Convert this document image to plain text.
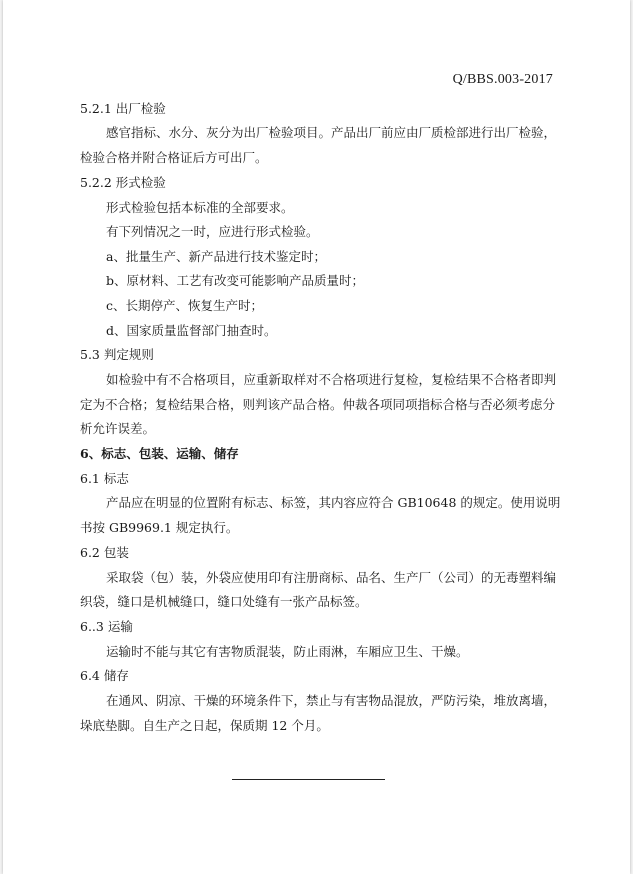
Q/BBS.003-2017
5.2.1 出厂检验
感官指标、水分、灰分为出厂检验项目。产品出厂前应由厂质检部进行出厂检验，
检验合格并附合格证后方可出厂。
5.2.2 形式检验
形式检验包括本标准的全部要求。
有下列情况之一时，应进行形式检验。
a、批量生产、新产品进行技术鉴定时；
b、原材料、工艺有改变可能影响产品质量时；
c、长期停产、恢复生产时；
d、国家质量监督部门抽查时。
5.3 判定规则
如检验中有不合格项目，应重新取样对不合格项进行复检，复检结果不合格者即判
定为不合格；复检结果合格，则判该产品合格。仲裁各项同项指标合格与否必须考虑分
析允许误差。
6、标志、包装、运输、储存
6.1 标志
产品应在明显的位置附有标志、标签，其内容应符合 GB10648 的规定。使用说明
书按 GB9969.1 规定执行。
6.2 包装
采取袋（包）装，外袋应使用印有注册商标、品名、生产厂（公司）的无毒塑料编
织袋，缝口是机械缝口，缝口处缝有一张产品标签。
6..3 运输
运输时不能与其它有害物质混装，防止雨淋，车厢应卫生、干燥。
6.4 储存
在通风、阴凉、干燥的环境条件下，禁止与有害物品混放，严防污染，堆放离墙，
垛底垫脚。自生产之日起，保质期 12 个月。
